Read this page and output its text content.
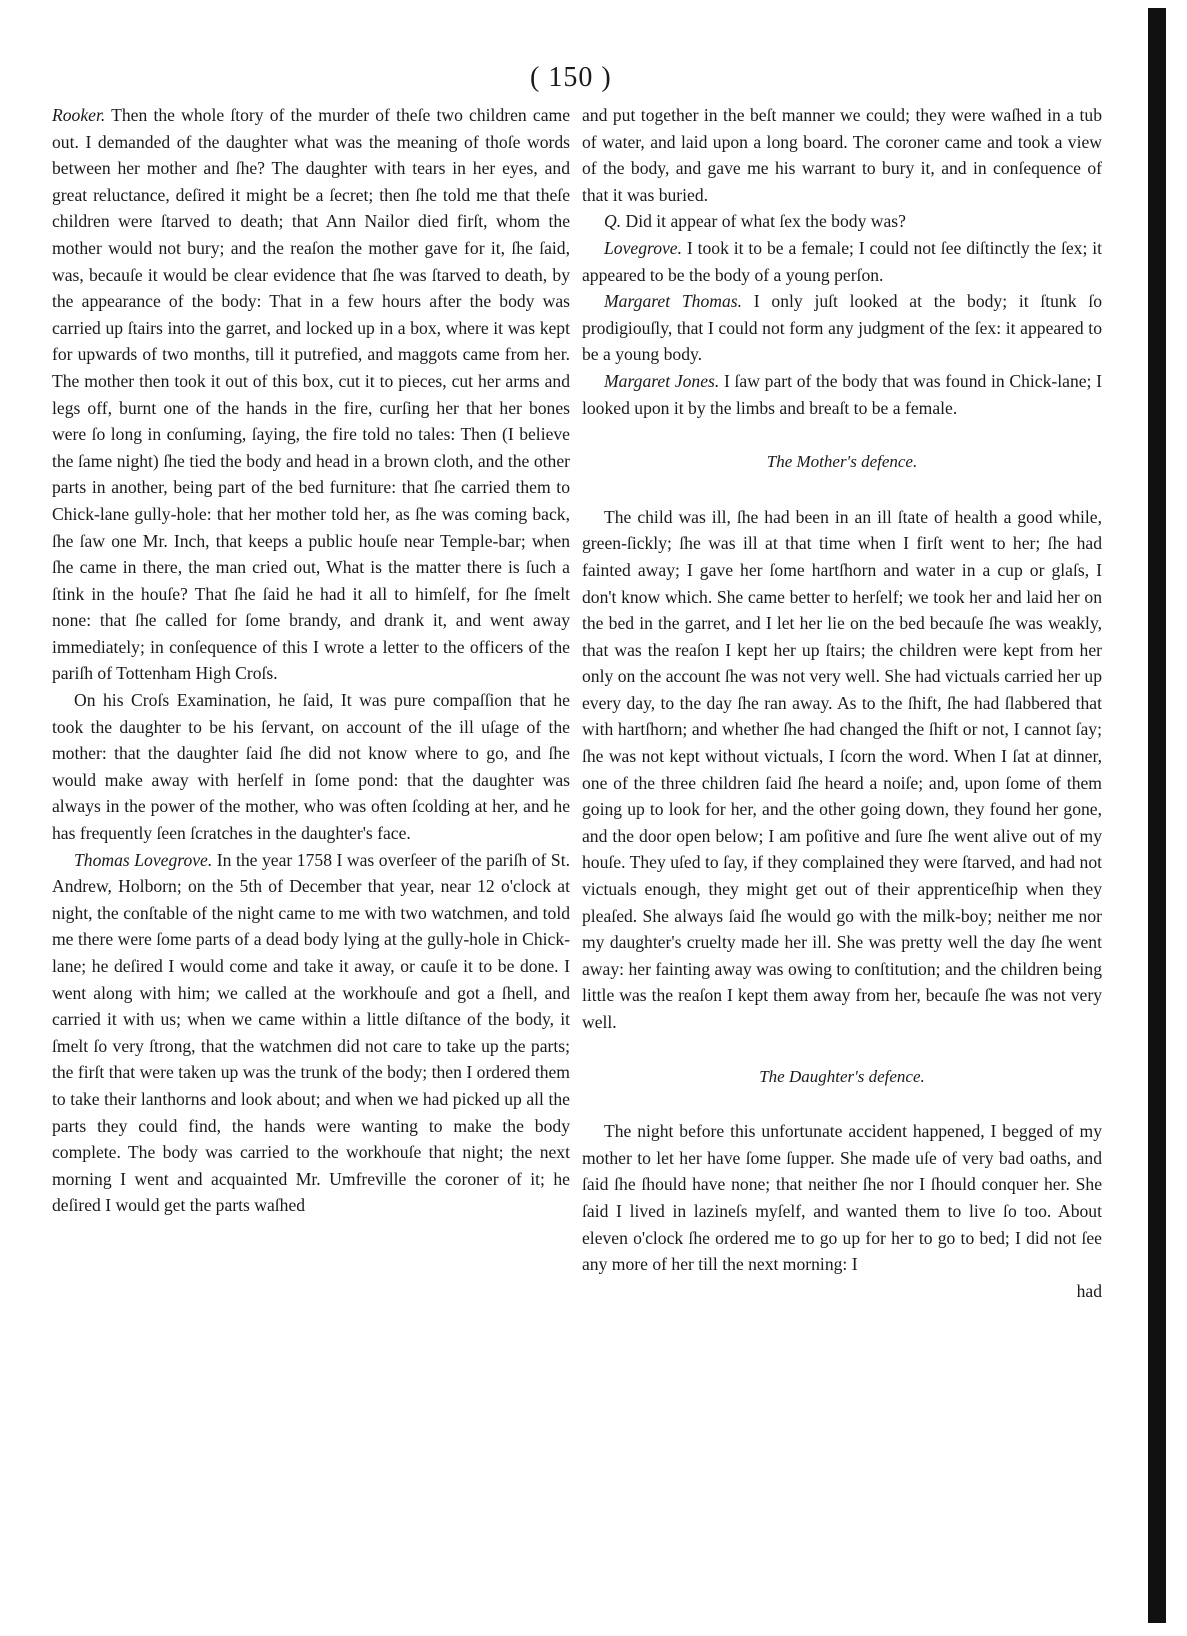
( 150 )

Rooker. Then the whole ſtory of the murder of theſe two children came out. I demanded of the daughter what was the meaning of thoſe words between her mother and ſhe? The daughter with tears in her eyes, and great reluctance, deſired it might be a ſecret; then ſhe told me that theſe children were ſtarved to death; that Ann Nailor died firſt, whom the mother would not bury; and the reaſon the mother gave for it, ſhe ſaid, was, becauſe it would be clear evidence that ſhe was ſtarved to death, by the appearance of the body: That in a few hours after the body was carried up ſtairs into the garret, and locked up in a box, where it was kept for upwards of two months, till it putrefied, and maggots came from her. The mother then took it out of this box, cut it to pieces, cut her arms and legs off, burnt one of the hands in the fire, curſing her that her bones were ſo long in conſuming, ſaying, the fire told no tales: Then (I believe the ſame night) ſhe tied the body and head in a brown cloth, and the other parts in another, being part of the bed furniture: that ſhe carried them to Chick-lane gully-hole: that her mother told her, as ſhe was coming back, ſhe ſaw one Mr. Inch, that keeps a public houſe near Temple-bar; when ſhe came in there, the man cried out, What is the matter there is ſuch a ſtink in the houſe? That ſhe ſaid he had it all to himſelf, for ſhe ſmelt none: that ſhe called for ſome brandy, and drank it, and went away immediately; in conſequence of this I wrote a letter to the officers of the pariſh of Tottenham High Croſs.

On his Croſs Examination, he ſaid, It was pure compaſſion that he took the daughter to be his ſervant, on account of the ill uſage of the mother: that the daughter ſaid ſhe did not know where to go, and ſhe would make away with herſelf in ſome pond: that the daughter was always in the power of the mother, who was often ſcolding at her, and he has frequently ſeen ſcratches in the daughter's face.

Thomas Lovegrove. In the year 1758 I was overſeer of the pariſh of St. Andrew, Holborn; on the 5th of December that year, near 12 o'clock at night, the conſtable of the night came to me with two watchmen, and told me there were ſome parts of a dead body lying at the gully-hole in Chick-lane; he deſired I would come and take it away, or cauſe it to be done. I went along with him; we called at the workhouſe and got a ſhell, and carried it with us; when we came within a little diſtance of the body, it ſmelt ſo very ſtrong, that the watchmen did not care to take up the parts; the firſt that were taken up was the trunk of the body; then I ordered them to take their lanthorns and look about; and when we had picked up all the parts they could find, the hands were wanting to make the body complete. The body was carried to the workhouſe that night; the next morning I went and acquainted Mr. Umfreville the coroner of it; he deſired I would get the parts waſhed

and put together in the beſt manner we could; they were waſhed in a tub of water, and laid upon a long board. The coroner came and took a view of the body, and gave me his warrant to bury it, and in conſequence of that it was buried.

Q. Did it appear of what ſex the body was?

Lovegrove. I took it to be a female; I could not ſee diſtinctly the ſex; it appeared to be the body of a young perſon.

Margaret Thomas. I only juſt looked at the body; it ſtunk ſo prodigiouſly, that I could not form any judgment of the ſex: it appeared to be a young body.

Margaret Jones. I ſaw part of the body that was found in Chick-lane; I looked upon it by the limbs and breaſt to be a female.

The Mother's defence.

The child was ill, ſhe had been in an ill ſtate of health a good while, green-ſickly; ſhe was ill at that time when I firſt went to her; ſhe had fainted away; I gave her ſome hartſhorn and water in a cup or glaſs, I don't know which. She came better to herſelf; we took her and laid her on the bed in the garret, and I let her lie on the bed becauſe ſhe was weakly, that was the reaſon I kept her up ſtairs; the children were kept from her only on the account ſhe was not very well. She had victuals carried her up every day, to the day ſhe ran away. As to the ſhift, ſhe had ſlabbered that with hartſhorn; and whether ſhe had changed the ſhift or not, I cannot ſay; ſhe was not kept without victuals, I ſcorn the word. When I ſat at dinner, one of the three children ſaid ſhe heard a noiſe; and, upon ſome of them going up to look for her, and the other going down, they found her gone, and the door open below; I am poſitive and ſure ſhe went alive out of my houſe. They uſed to ſay, if they complained they were ſtarved, and had not victuals enough, they might get out of their apprenticeſhip when they pleaſed. She always ſaid ſhe would go with the milk-boy; neither me nor my daughter's cruelty made her ill. She was pretty well the day ſhe went away: her fainting away was owing to conſtitution; and the children being little was the reaſon I kept them away from her, becauſe ſhe was not very well.

The Daughter's defence.

The night before this unfortunate accident happened, I begged of my mother to let her have ſome ſupper. She made uſe of very bad oaths, and ſaid ſhe ſhould have none; that neither ſhe nor I ſhould conquer her. She ſaid I lived in lazineſs myſelf, and wanted them to live ſo too. About eleven o'clock ſhe ordered me to go up for her to go to bed; I did not ſee any more of her till the next morning: I

had
